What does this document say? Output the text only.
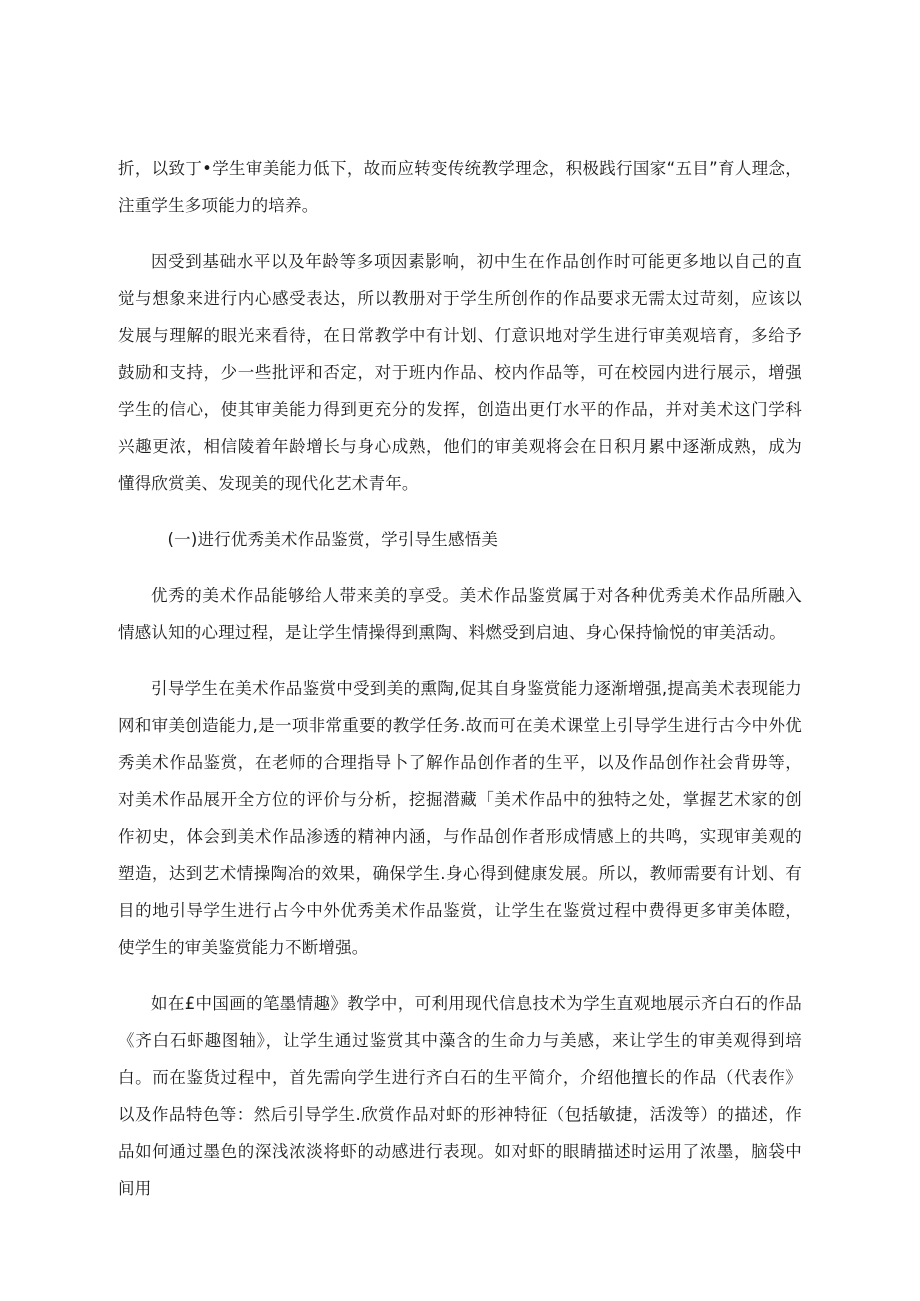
折，以致丁•学生审美能力低下，故而应转变传统教学理念，积极践行国家“五目”育人理念，注重学生多项能力的培养。

因受到基础水平以及年龄等多项因素影响，初中生在作品创作时可能更多地以自己的直觉与想象来进行内心感受表达，所以教册对于学生所创作的作品要求无需太过苛刻，应该以发展与理解的眼光来看待，在日常教学中有计划、仃意识地对学生进行审美观培育，多给予鼓励和支持，少一些批评和否定，对于班内作品、校内作品等，可在校园内进行展示，增强学生的信心，使其审美能力得到更充分的发挥，创造出更仃水平的作品，并对美术这门学科兴趣更浓，相信陵着年龄增长与身心成熟，他们的审美观将会在日积月累中逐渐成熟，成为懂得欣赏美、发现美的现代化艺术青年。

(一)进行优秀美术作品鉴赏，学引导生感悟美

优秀的美术作品能够给人带来美的享受。美术作品鉴赏属于对各种优秀美术作品所融入情感认知的心理过程，是让学生情操得到熏陶、料燃受到启迪、身心保持愉悦的审美活动。

引导学生在美术作品鉴赏中受到美的熏陶,促其自身鉴赏能力逐渐增强,提高美术表现能力网和审美创造能力,是一项非常重要的教学任务.故而可在美术课堂上引导学生进行古今中外优秀美术作品鉴赏，在老师的合理指导卜了解作品创作者的生平，以及作品创作社会背毋等，对美术作品展开全方位的评价与分析，挖掘潜藏「美术作品中的独特之处，掌握艺术家的创作初史，体会到美术作品渗透的精神内涵，与作品创作者形成情感上的共鸣，实现审美观的塑造，达到艺术情操陶冶的效果，确保学生.身心得到健康发展。所以，教师需要有计划、有目的地引导学生进行占今中外优秀美术作品鉴赏，让学生在鉴赏过程中费得更多审美体瞪，使学生的审美鉴赏能力不断增强。

如在£中国画的笔墨情趣》教学中，可利用现代信息技术为学生直观地展示齐白石的作品《齐白石虾趣图轴》，让学生通过鉴赏其中藻含的生命力与美感，来让学生的审美观得到培白。而在鉴货过程中，首先需向学生进行齐白石的生平简介，介绍他擅长的作品（代表作》以及作品特色等：然后引导学生.欣赏作品对虾的形神特征（包括敏捷，活泼等）的描述，作品如何通过墨色的深浅浓淡将虾的动感进行表现。如对虾的眼睛描述时运用了浓墨，脑袋中间用
